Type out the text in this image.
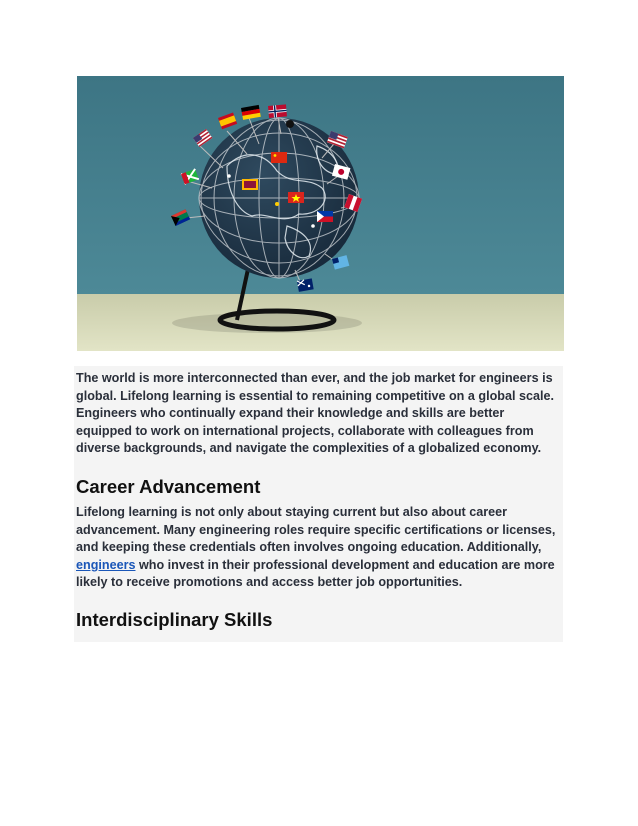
The world is more interconnected than ever, and the job market for engineers is global. Lifelong learning is essential to remaining competitive on a global scale. Engineers who continually expand their knowledge and skills are better equipped to work on international projects, collaborate with colleagues from diverse backgrounds, and navigate the complexities of a globalized economy.

Career Advancement

Lifelong learning is not only about staying current but also about career advancement. Many engineering roles require specific certifications or licenses, and keeping these credentials often involves ongoing education. Additionally, engineers who invest in their professional development and education are more likely to receive promotions and access better job opportunities.

Interdisciplinary Skills
